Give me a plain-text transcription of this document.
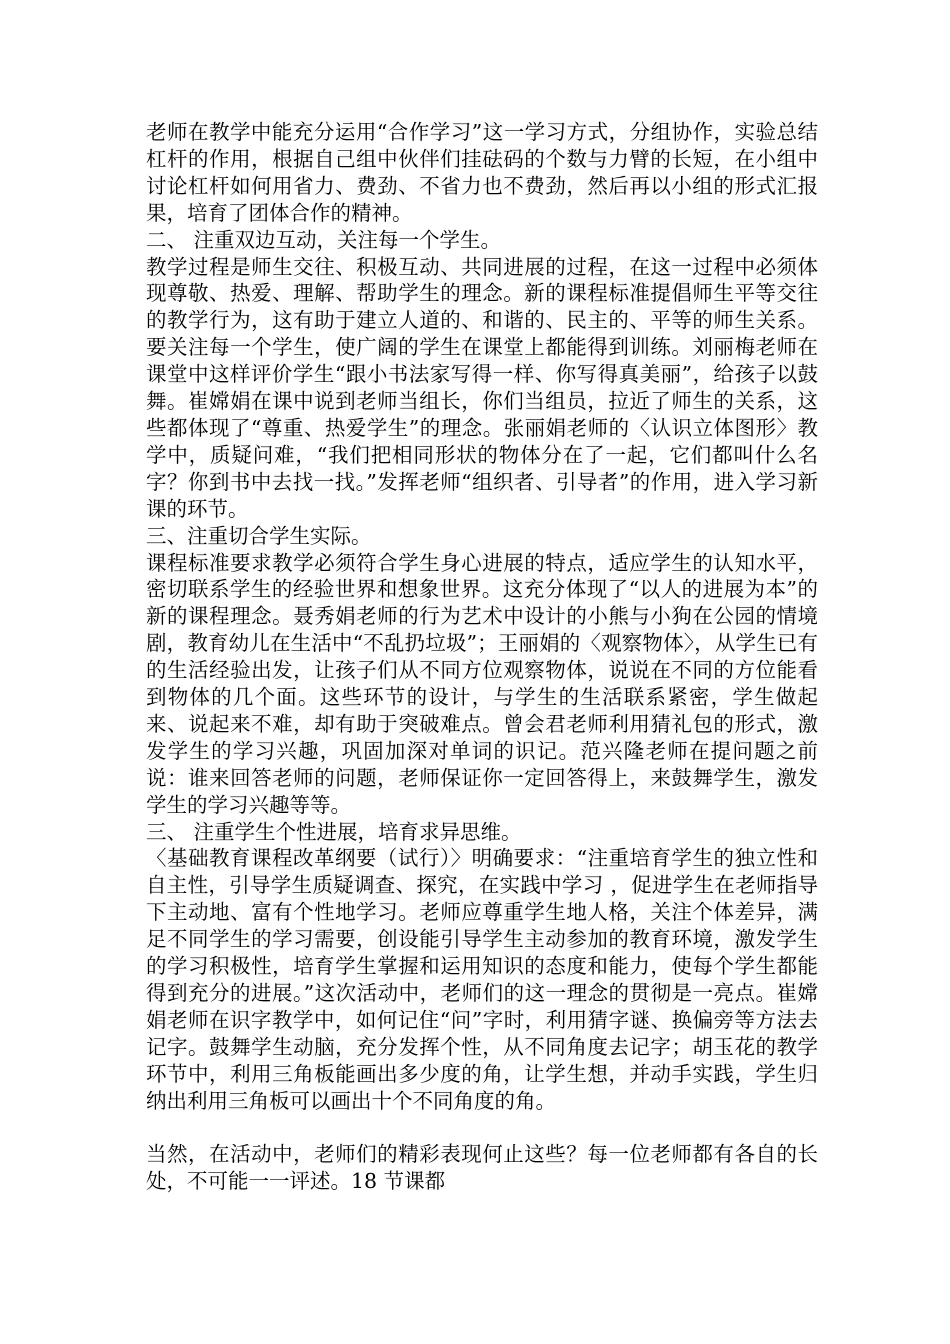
老师在教学中能充分运用“合作学习”这一学习方式，分组协作，实验总结杠杆的作用，根据自己组中伙伴们挂砝码的个数与力臂的长短，在小组中讨论杠杆如何用省力、费劲、不省力也不费劲，然后再以小组的形式汇报果，培育了团体合作的精神。

二、 注重双边互动，关注每一个学生。

教学过程是师生交往、积极互动、共同进展的过程，在这一过程中必须体现尊敬、热爱、理解、帮助学生的理念。新的课程标准提倡师生平等交往的教学行为，这有助于建立人道的、和谐的、民主的、平等的师生关系。要关注每一个学生，使广阔的学生在课堂上都能得到训练。刘丽梅老师在课堂中这样评价学生“跟小书法家写得一样、你写得真美丽”，给孩子以鼓舞。崔嫦娟在课中说到老师当组长，你们当组员，拉近了师生的关系，这些都体现了“尊重、热爱学生”的理念。张丽娟老师的〈认识立体图形〉教学中，质疑问难，“我们把相同形状的物体分在了一起，它们都叫什么名字？你到书中去找一找。”发挥老师“组织者、引导者”的作用，进入学习新课的环节。

三、注重切合学生实际。

课程标准要求教学必须符合学生身心进展的特点，适应学生的认知水平，密切联系学生的经验世界和想象世界。这充分体现了“以人的进展为本”的新的课程理念。聂秀娟老师的行为艺术中设计的小熊与小狗在公园的情境剧，教育幼儿在生活中“不乱扔垃圾”；王丽娟的〈观察物体〉，从学生已有的生活经验出发，让孩子们从不同方位观察物体，说说在不同的方位能看到物体的几个面。这些环节的设计，与学生的生活联系紧密，学生做起来、说起来不难，却有助于突破难点。曾会君老师利用猜礼包的形式，激发学生的学习兴趣，巩固加深对单词的识记。范兴隆老师在提问题之前说：谁来回答老师的问题，老师保证你一定回答得上，来鼓舞学生，激发学生的学习兴趣等等。

三、 注重学生个性进展，培育求异思维。

〈基础教育课程改革纲要（试行）〉明确要求：“注重培育学生的独立性和自主性，引导学生质疑调查、探究，在实践中学习 ，促进学生在老师指导下主动地、富有个性地学习。老师应尊重学生地人格，关注个体差异，满足不同学生的学习需要，创设能引导学生主动参加的教育环境，激发学生的学习积极性，培育学生掌握和运用知识的态度和能力，使每个学生都能得到充分的进展。”这次活动中，老师们的这一理念的贯彻是一亮点。崔嫦娟老师在识字教学中，如何记住“问”字时，利用猜字谜、换偏旁等方法去记字。鼓舞学生动脑，充分发挥个性，从不同角度去记字；胡玉花的教学环节中，利用三角板能画出多少度的角，让学生想，并动手实践，学生归纳出利用三角板可以画出十个不同角度的角。

当然，在活动中，老师们的精彩表现何止这些？每一位老师都有各自的长处，不可能一一评述。18 节课都
